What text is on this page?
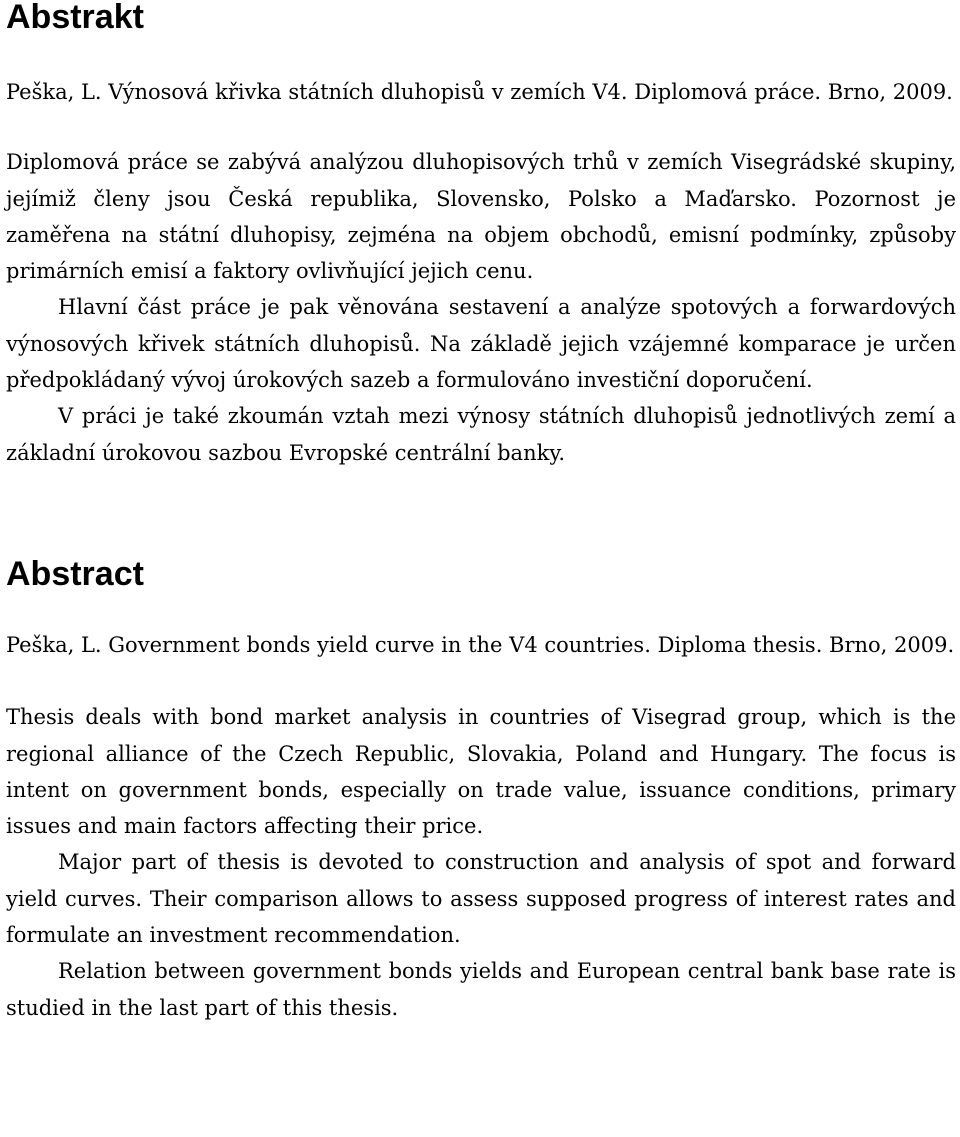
Abstrakt

Peška, L. Výnosová křivka státních dluhopisů v zemích V4. Diplomová práce. Brno, 2009.

Diplomová práce se zabývá analýzou dluhopisových trhů v zemích Visegrádské skupiny, jejímiž členy jsou Česká republika, Slovensko, Polsko a Maďarsko. Pozornost je zaměřena na státní dluhopisy, zejména na objem obchodů, emisní podmínky, způsoby primárních emisí a faktory ovlivňující jejich cenu.

Hlavní část práce je pak věnována sestavení a analýze spotových a forwardových výnosových křivek státních dluhopisů. Na základě jejich vzájemné komparace je určen předpokládaný vývoj úrokových sazeb a formulováno investiční doporučení.

V práci je také zkoumán vztah mezi výnosy státních dluhopisů jednotlivých zemí a základní úrokovou sazbou Evropské centrální banky.

Abstract

Peška, L. Government bonds yield curve in the V4 countries. Diploma thesis. Brno, 2009.

Thesis deals with bond market analysis in countries of Visegrad group, which is the regional alliance of the Czech Republic, Slovakia, Poland and Hungary. The focus is intent on government bonds, especially on trade value, issuance conditions, primary issues and main factors affecting their price.

Major part of thesis is devoted to construction and analysis of spot and forward yield curves. Their comparison allows to assess supposed progress of interest rates and formulate an investment recommendation.

Relation between government bonds yields and European central bank base rate is studied in the last part of this thesis.
